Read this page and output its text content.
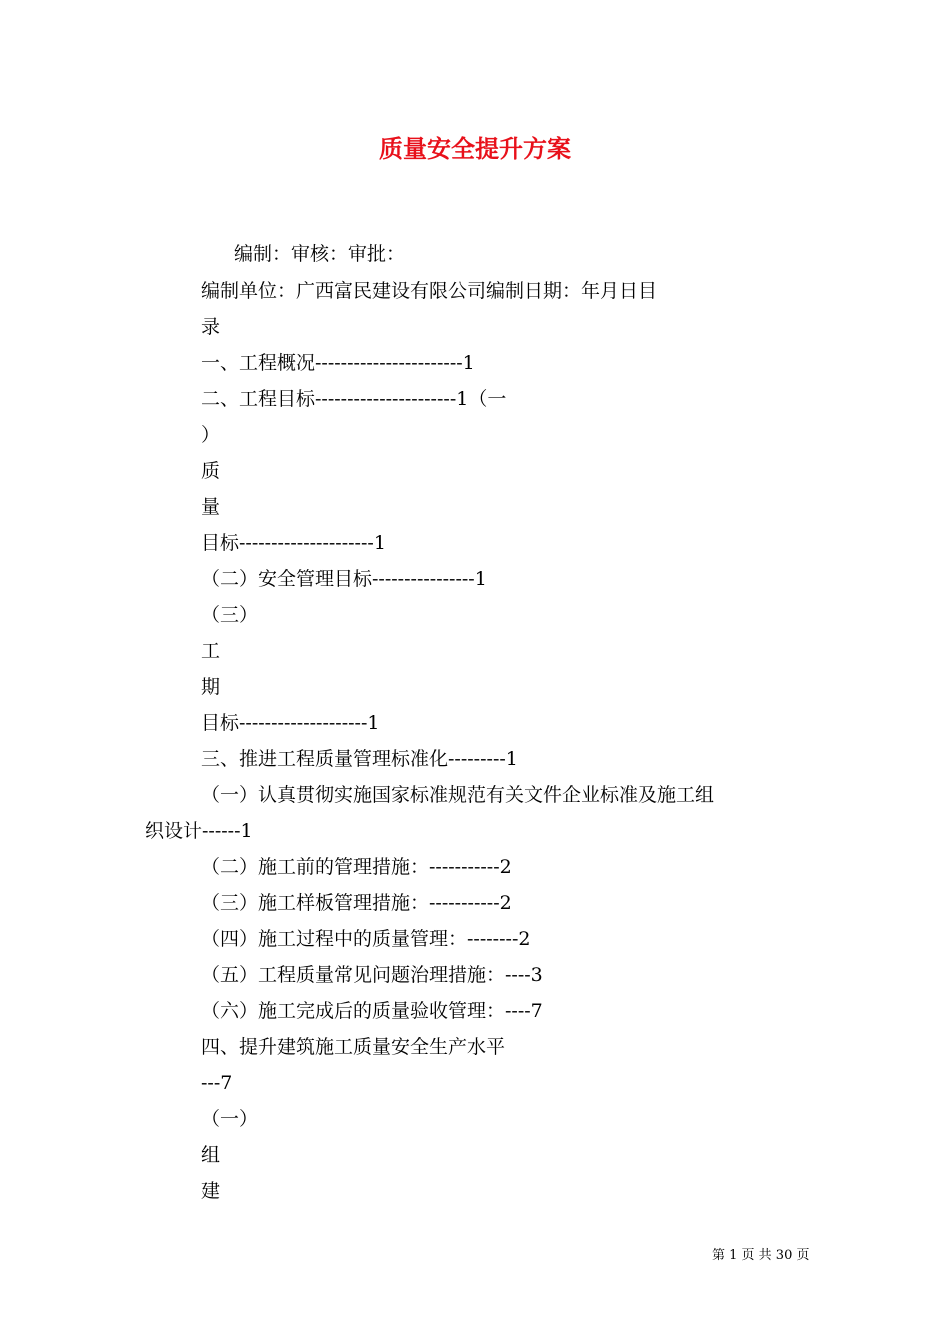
质量安全提升方案
编制：审核：审批：
编制单位：广西富民建设有限公司编制日期：年月日目
录
一、工程概况-----------------------1
二、工程目标----------------------1（一
）
质
量
目标---------------------1
（二）安全管理目标----------------1
（三）
工
期
目标--------------------1
三、推进工程质量管理标准化---------1
（一）认真贯彻实施国家标准规范有关文件企业标准及施工组
织设计------1
（二）施工前的管理措施：-----------2
（三）施工样板管理措施：-----------2
（四）施工过程中的质量管理：--------2
（五）工程质量常见问题治理措施：----3
（六）施工完成后的质量验收管理：----7
四、提升建筑施工质量安全生产水平
---7
（一）
组
建
第 1 页 共 30 页
